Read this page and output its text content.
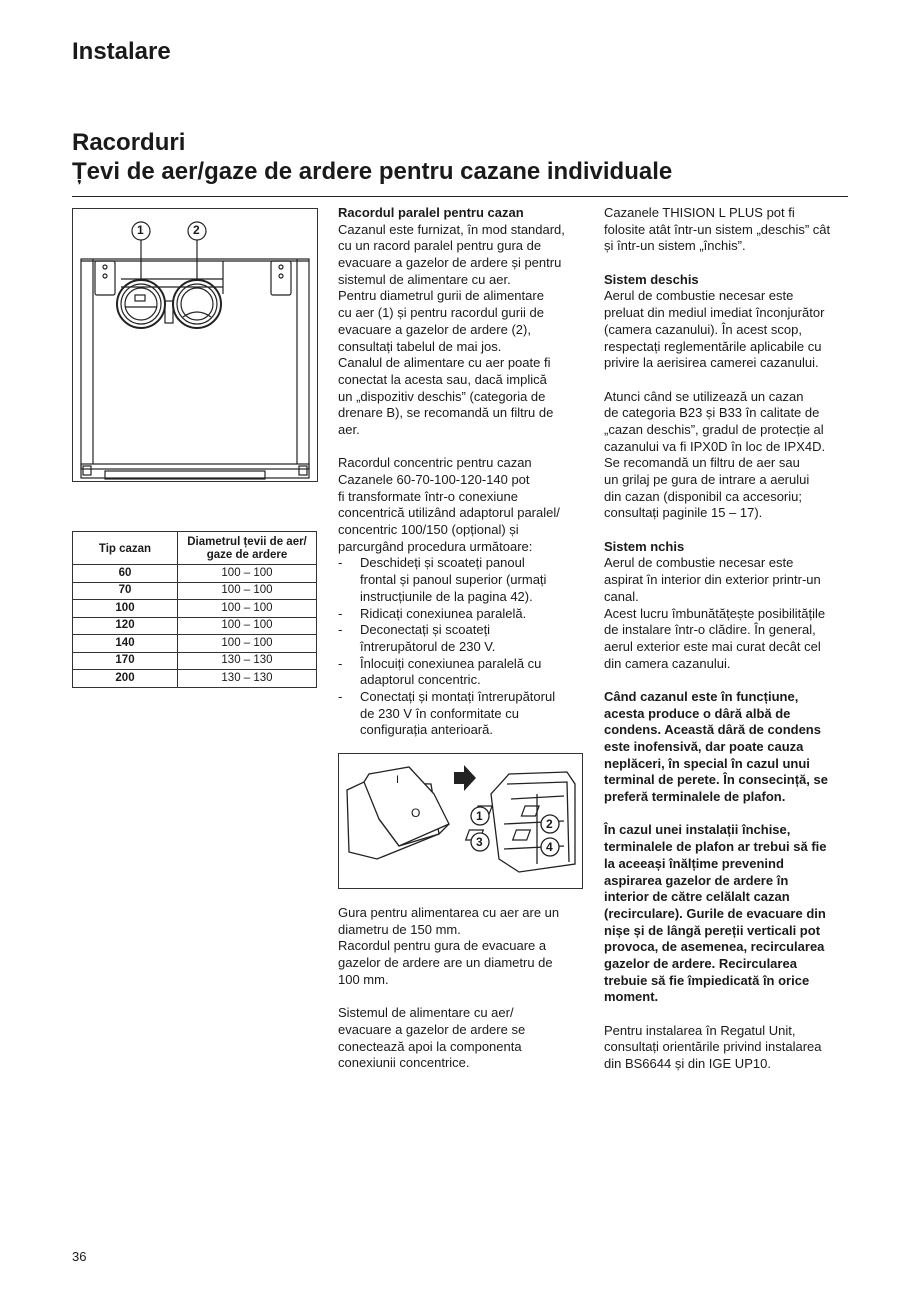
Instalare
Racorduri
Țevi de aer/gaze de ardere pentru cazane individuale
1	2
Tip cazan	Diametrul țevii de aer/ gaze de ardere
60	100 – 100
70	100 – 100
100	100 – 100
120	100 – 100
140	100 – 100
170	130 – 130
200	130 – 130
Racordul paralel pentru cazan
Cazanul este furnizat, în mod standard,
cu un racord paralel pentru gura de
evacuare a gazelor de ardere și pentru
sistemul de alimentare cu aer.
Pentru diametrul gurii de alimentare
cu aer (1) și pentru racordul gurii de
evacuare a gazelor de ardere (2),
consultați tabelul de mai jos.
Canalul de alimentare cu aer poate fi
conectat la acesta sau, dacă implică
un „dispozitiv deschis” (categoria de
drenare B), se recomandă un filtru de
aer.
Racordul concentric pentru cazan
Cazanele 60-70-100-120-140 pot
fi transformate într-o conexiune
concentrică utilizând adaptorul paralel/
concentric 100/150 (opțional) și
parcurgând procedura următoare:
- Deschideți și scoateți panoul
frontal și panoul superior (urmați
instrucțiunile de la pagina 42).
- Ridicați conexiunea paralelă.
- Deconectați și scoateți
întrerupătorul de 230 V.
- Înlocuiți conexiunea paralelă cu
adaptorul concentric.
- Conectați și montați întrerupătorul
de 230 V în conformitate cu
configurația anterioară.
I
O	1
2
3	4
Gura pentru alimentarea cu aer are un
diametru de 150 mm.
Racordul pentru gura de evacuare a
gazelor de ardere are un diametru de
100 mm.
Sistemul de alimentare cu aer/
evacuare a gazelor de ardere se
conectează apoi la componenta
conexiunii concentrice.
Cazanele THISION L PLUS pot fi
folosite atât într-un sistem „deschis” cât
și într-un sistem „închis”.
Sistem deschis
Aerul de combustie necesar este
preluat din mediul imediat înconjurător
(camera cazanului). În acest scop,
respectați reglementările aplicabile cu
privire la aerisirea camerei cazanului.
Atunci când se utilizează un cazan
de categoria B23 și B33 în calitate de
„cazan deschis”, gradul de protecție al
cazanului va fi IPX0D în loc de IPX4D.
Se recomandă un filtru de aer sau
un grilaj pe gura de intrare a aerului
din cazan (disponibil ca accesoriu;
consultați paginile 15 – 17).
Sistem nchis
Aerul de combustie necesar este
aspirat în interior din exterior printr-un
canal.
Acest lucru îmbunătățește posibilitățile
de instalare într-o clădire. În general,
aerul exterior este mai curat decât cel
din camera cazanului.
Când cazanul este în funcțiune,
acesta produce o dâră albă de
condens. Această dâră de condens
este inofensivă, dar poate cauza
neplăceri, în special în cazul unui
terminal de perete. În consecință, se
preferă terminalele de plafon.
În cazul unei instalații închise,
terminalele de plafon ar trebui să fie
la aceeași înălțime prevenind
aspirarea gazelor de ardere în
interior de către celălalt cazan
(recirculare). Gurile de evacuare din
nișe și de lângă pereții verticali pot
provoca, de asemenea, recircularea
gazelor de ardere. Recircularea
trebuie să fie împiedicată în orice
moment.
Pentru instalarea în Regatul Unit,
consultați orientările privind instalarea
din BS6644 și din IGE UP10.
36
